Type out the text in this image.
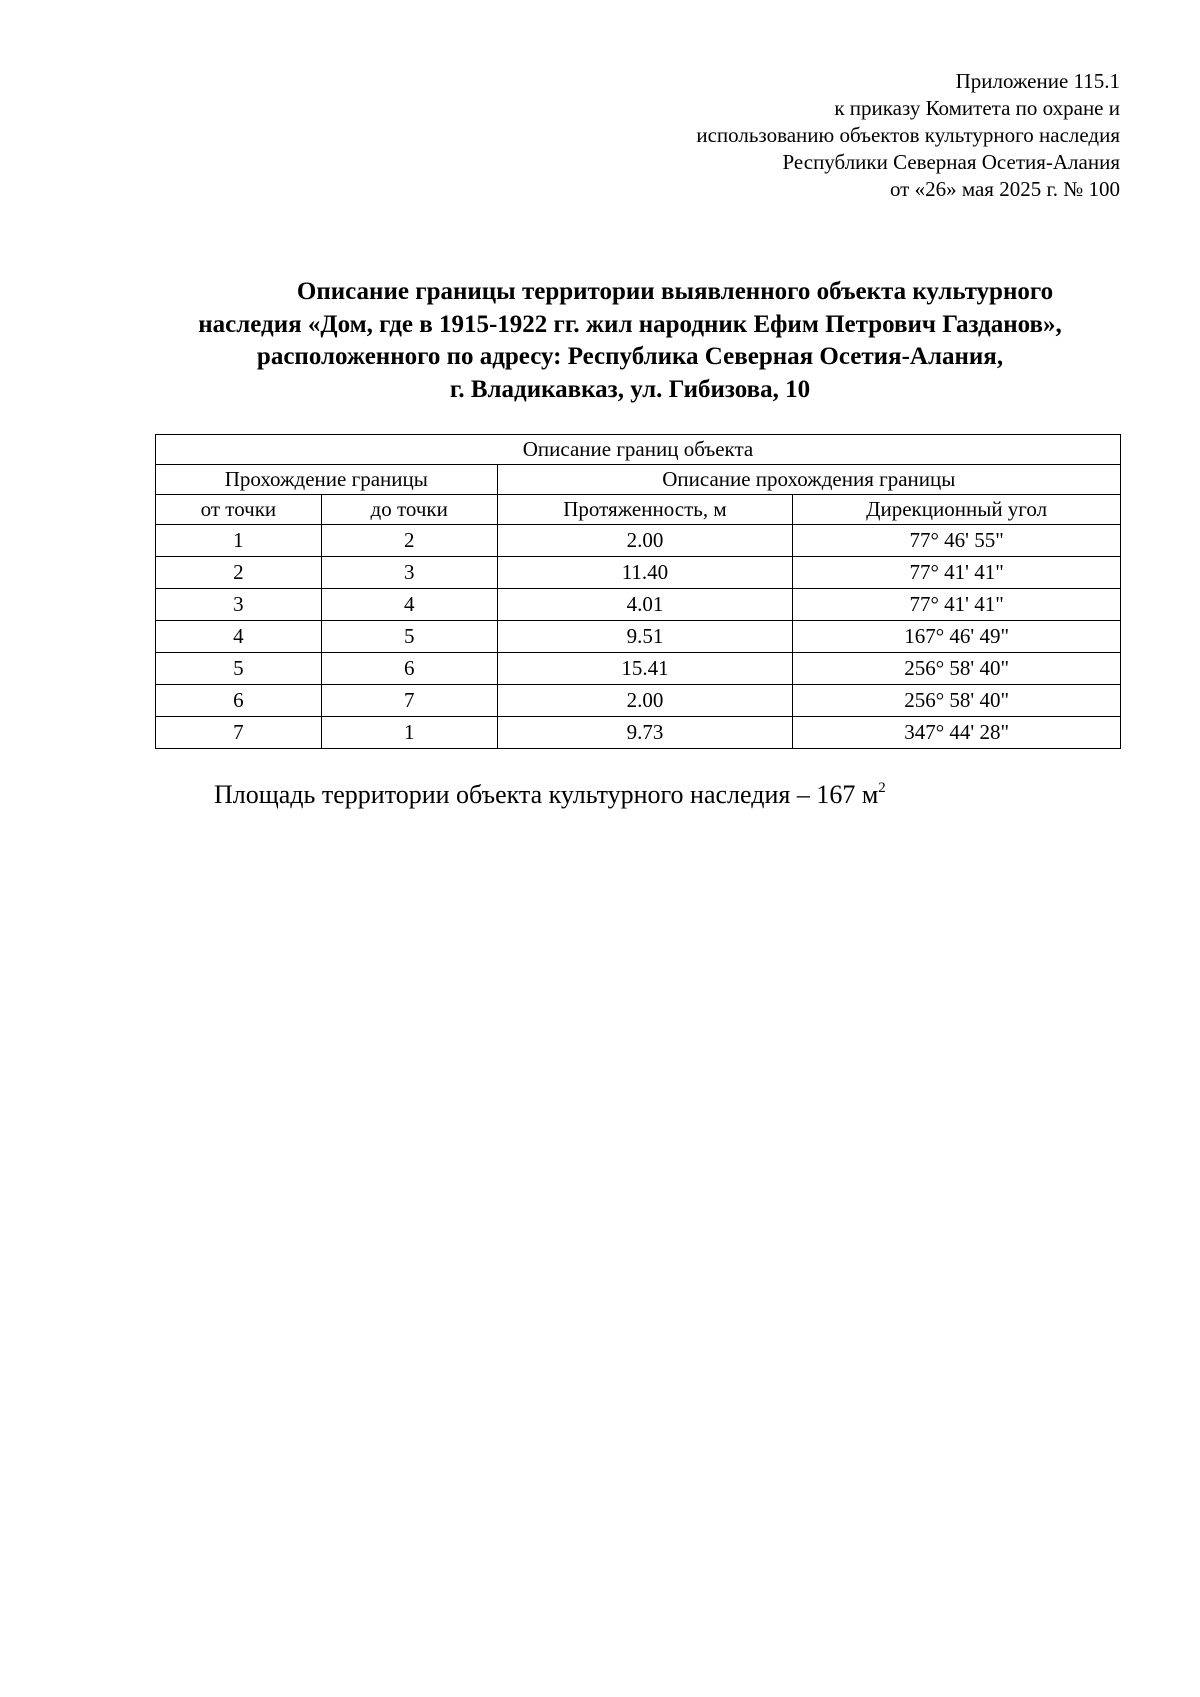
Приложение 115.1
к приказу Комитета по охране и
использованию объектов культурного наследия
Республики Северная Осетия-Алания
от «26» мая 2025 г. № 100
Описание границы территории выявленного объекта культурного
наследия «Дом, где в 1915-1922 гг. жил народник Ефим Петрович Газданов»,
расположенного по адресу: Республика Северная Осетия-Алания,
г. Владикавказ, ул. Гибизова, 10
Описание границ объекта			
Прохождение границы		Описание прохождения границы	
от точки	до точки	Протяженность, м	Дирекционный угол
1	2	2.00	77° 46' 55"
2	3	11.40	77° 41' 41"
3	4	4.01	77° 41' 41"
4	5	9.51	167° 46' 49"
5	6	15.41	256° 58' 40"
6	7	2.00	256° 58' 40"
7	1	9.73	347° 44' 28"
Площадь территории объекта культурного наследия – 167 $м^2$
